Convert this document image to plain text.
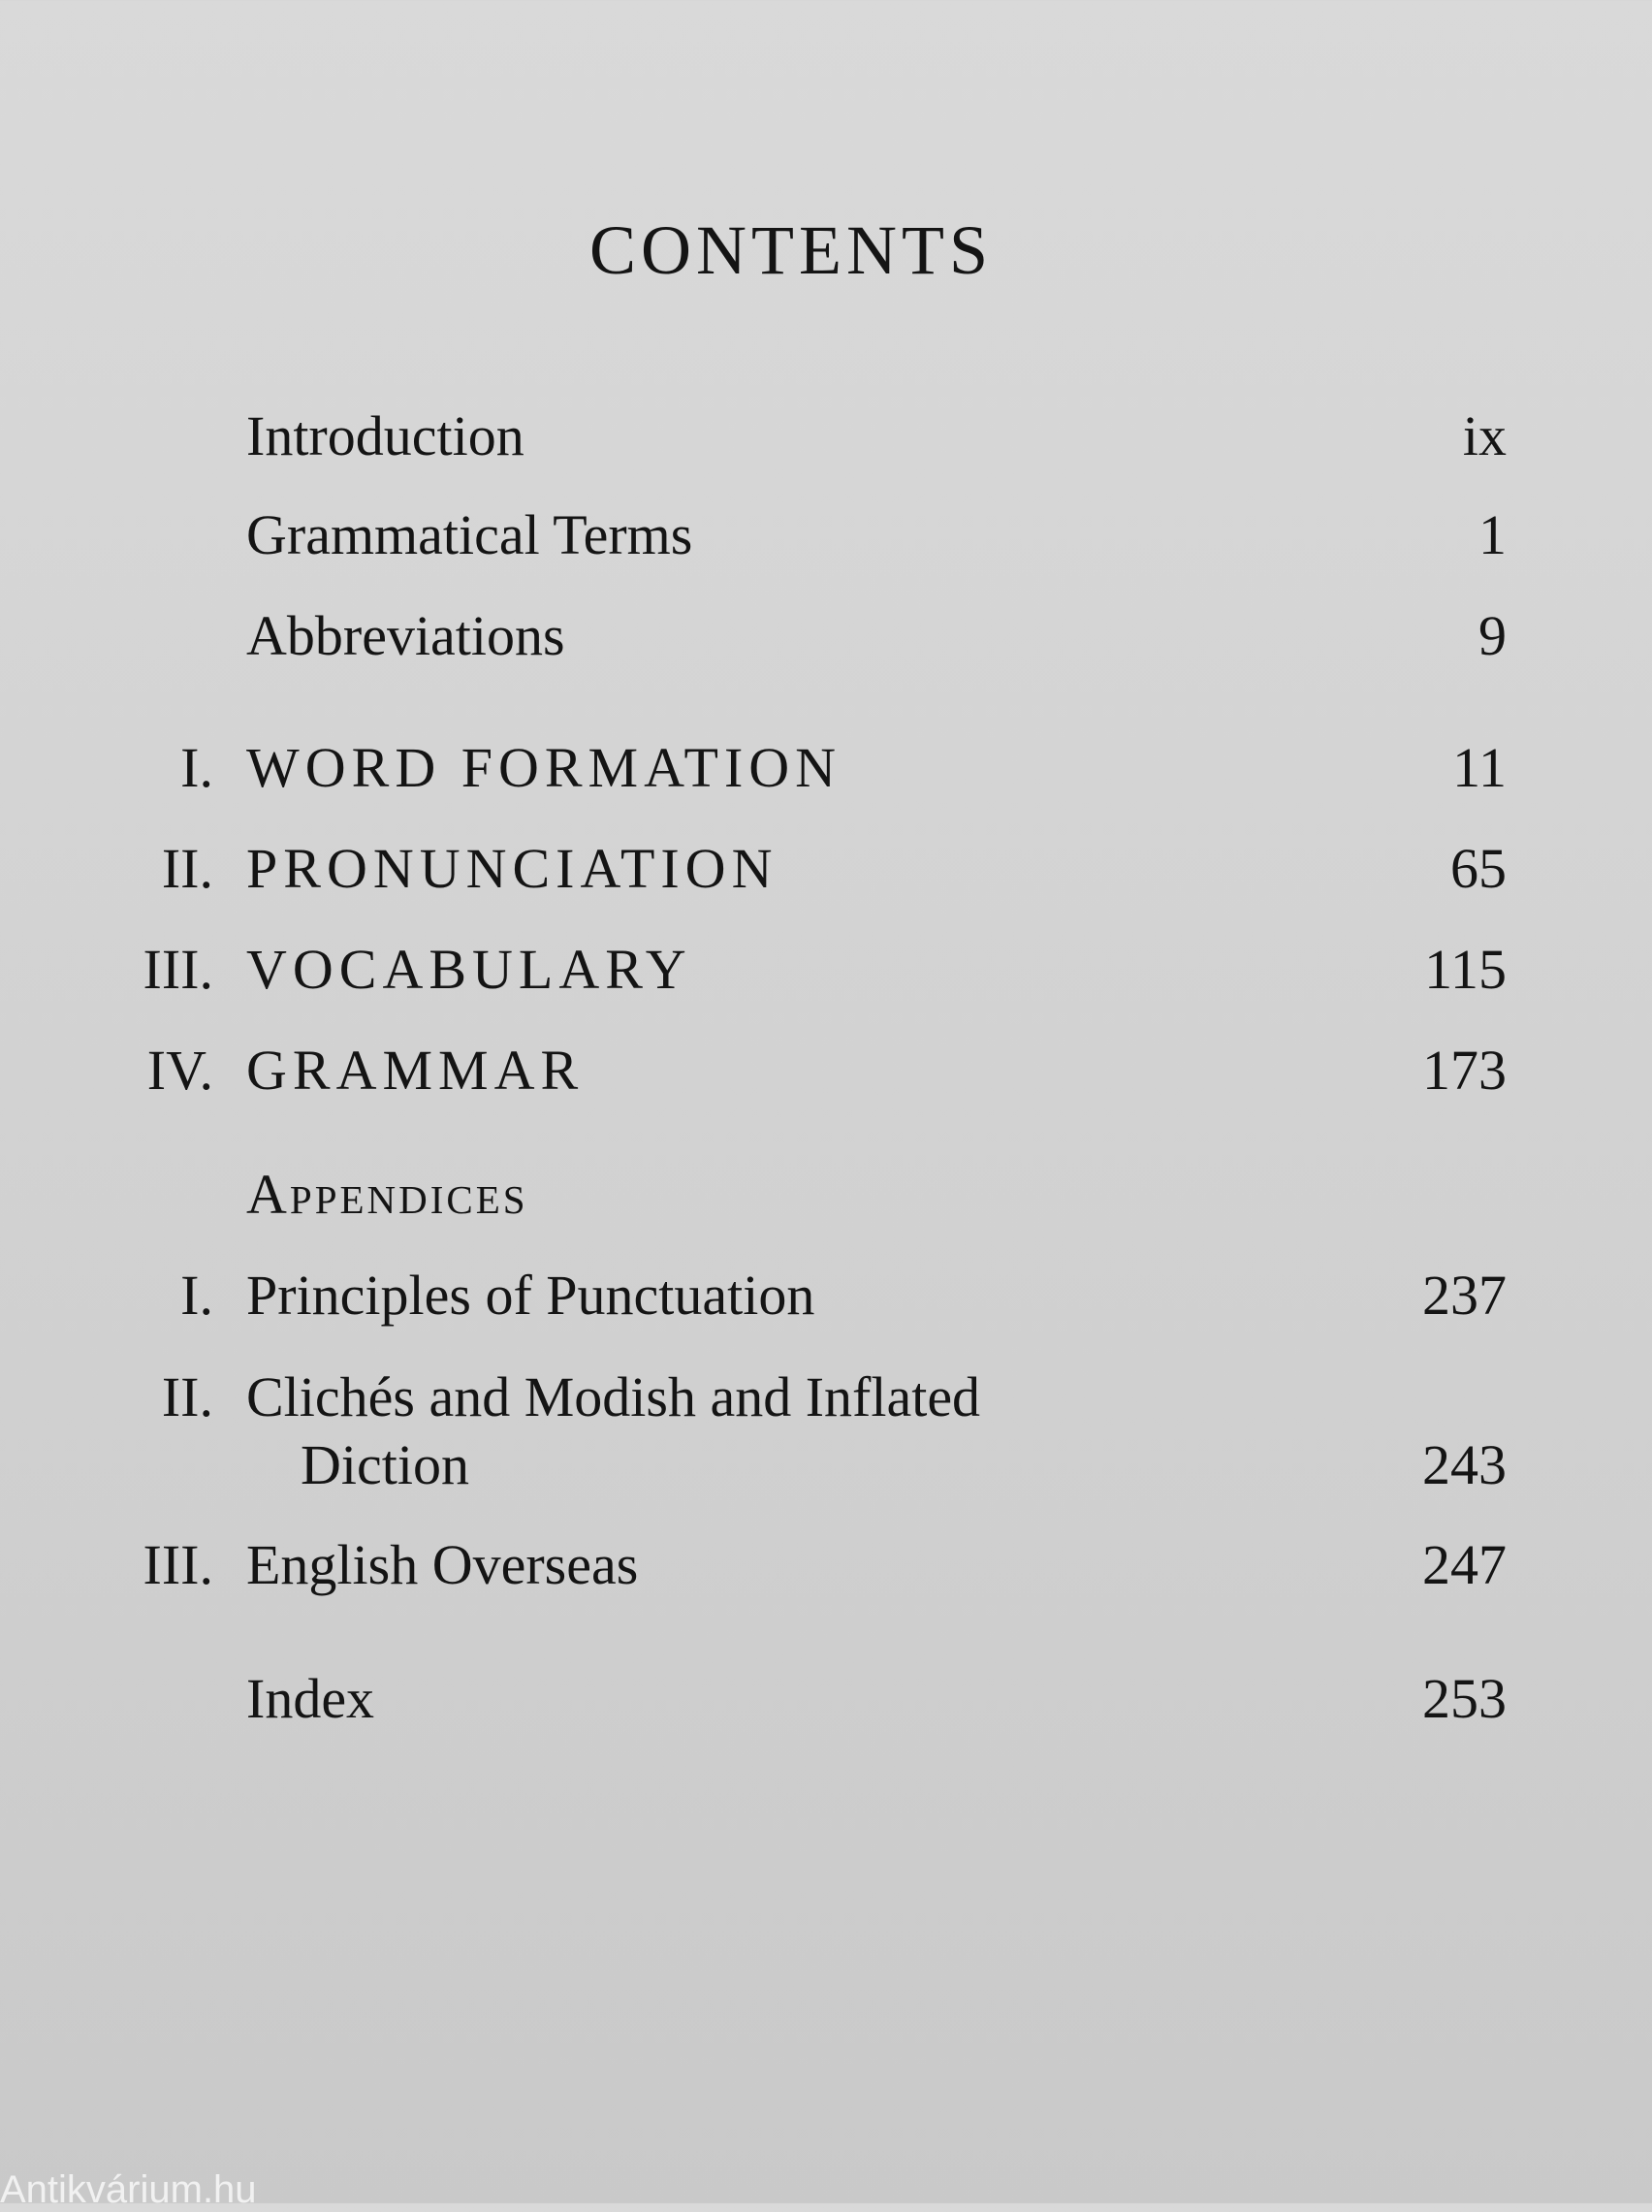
CONTENTS
Introduction	ix
Grammatical Terms	1
Abbreviations	9
I. WORD FORMATION	11
II. PRONUNCIATION	65
III. VOCABULARY	115
IV. GRAMMAR	173
Appendices
I. Principles of Punctuation	237
II. Clichés and Modish and Inflated
Diction	243
III. English Overseas	247
Index	253
Antikvárium.hu
